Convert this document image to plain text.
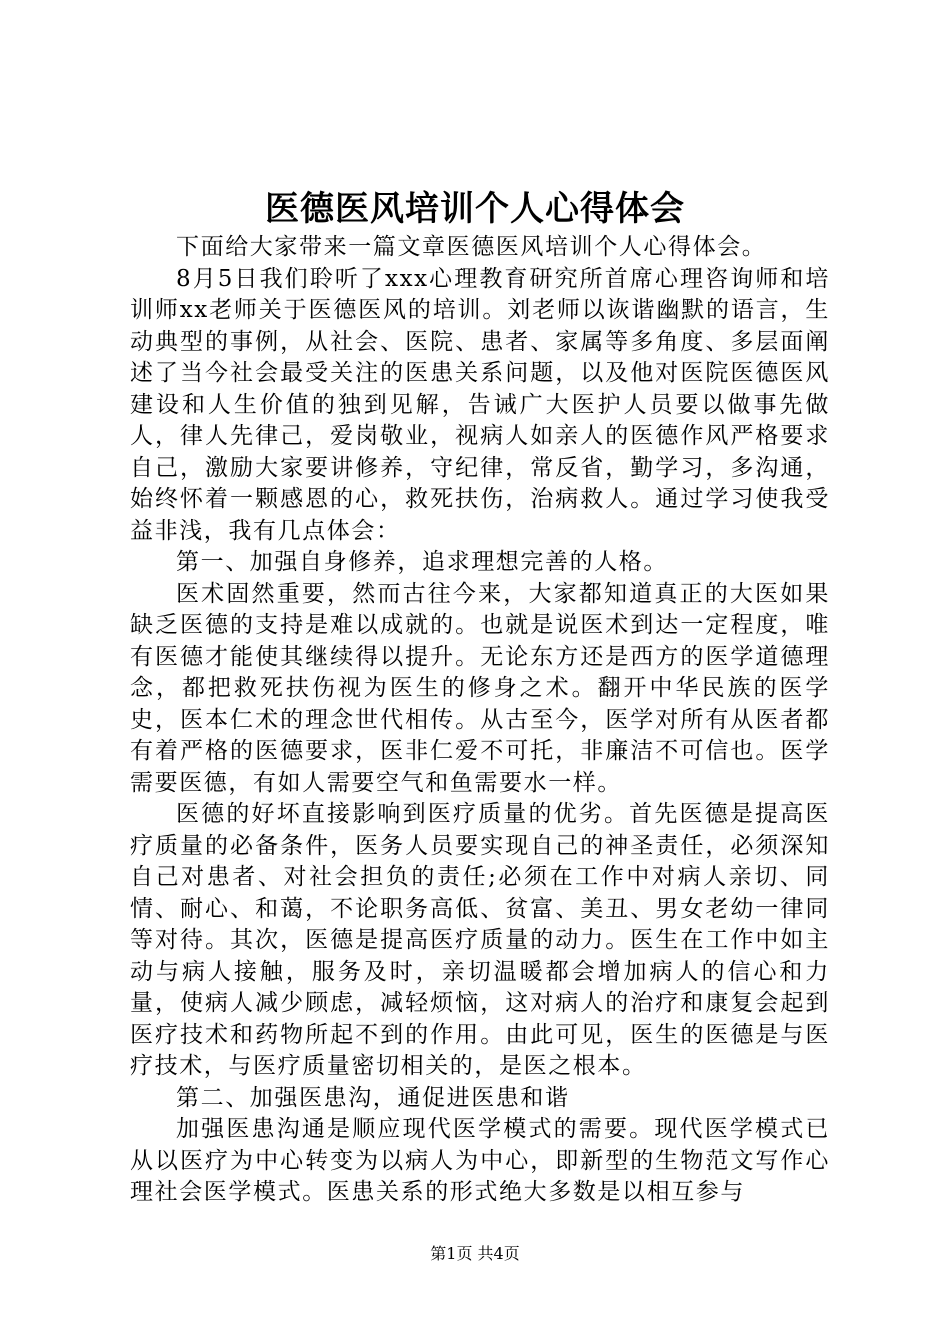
医德医风培训个人心得体会

下面给大家带来一篇文章医德医风培训个人心得体会。

8月5日我们聆听了xxx心理教育研究所首席心理咨询师和培训师xx老师关于医德医风的培训。刘老师以诙谐幽默的语言，生动典型的事例，从社会、医院、患者、家属等多角度、多层面阐述了当今社会最受关注的医患关系问题，以及他对医院医德医风建设和人生价值的独到见解，告诫广大医护人员要以做事先做人，律人先律己，爱岗敬业，视病人如亲人的医德作风严格要求自己，激励大家要讲修养，守纪律，常反省，勤学习，多沟通，始终怀着一颗感恩的心，救死扶伤，治病救人。通过学习使我受益非浅，我有几点体会：

第一、加强自身修养，追求理想完善的人格。

医术固然重要，然而古往今来，大家都知道真正的大医如果缺乏医德的支持是难以成就的。也就是说医术到达一定程度，唯有医德才能使其继续得以提升。无论东方还是西方的医学道德理念，都把救死扶伤视为医生的修身之术。翻开中华民族的医学史，医本仁术的理念世代相传。从古至今，医学对所有从医者都有着严格的医德要求，医非仁爱不可托，非廉洁不可信也。医学需要医德，有如人需要空气和鱼需要水一样。

医德的好坏直接影响到医疗质量的优劣。首先医德是提高医疗质量的必备条件，医务人员要实现自己的神圣责任，必须深知自己对患者、对社会担负的责任;必须在工作中对病人亲切、同情、耐心、和蔼，不论职务高低、贫富、美丑、男女老幼一律同等对待。其次，医德是提高医疗质量的动力。医生在工作中如主动与病人接触，服务及时，亲切温暖都会增加病人的信心和力量，使病人减少顾虑，减轻烦恼，这对病人的治疗和康复会起到医疗技术和药物所起不到的作用。由此可见，医生的医德是与医疗技术，与医疗质量密切相关的，是医之根本。

第二、加强医患沟，通促进医患和谐

加强医患沟通是顺应现代医学模式的需要。现代医学模式已从以医疗为中心转变为以病人为中心，即新型的生物范文写作心理社会医学模式。医患关系的形式绝大多数是以相互参与

第1页 共4页
